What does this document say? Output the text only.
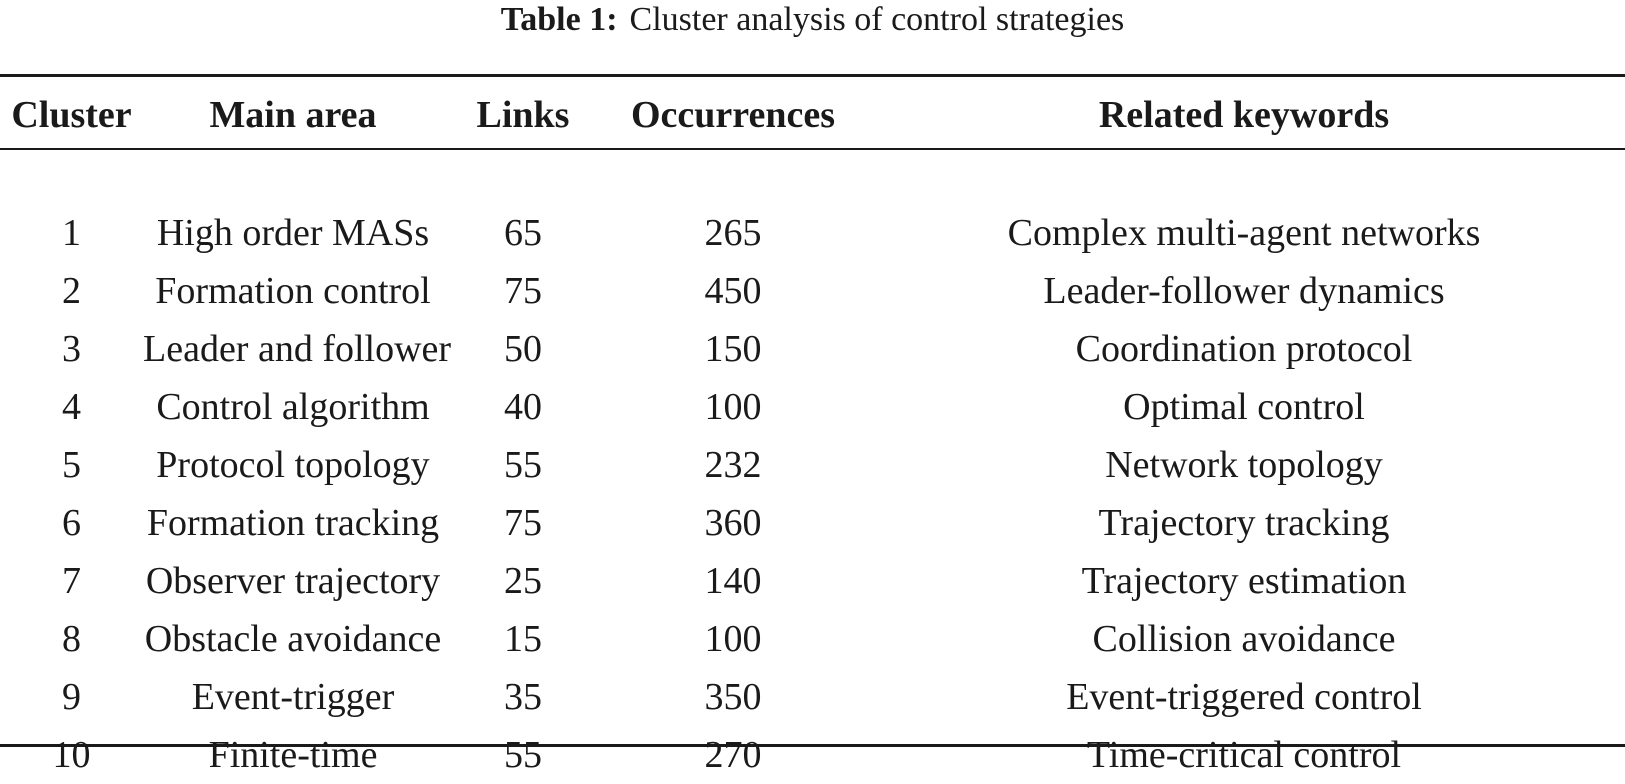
Table 1: Cluster analysis of control strategies
Cluster	Main area	Links	Occurrences	Related keywords

1	High order MASs	65	265	Complex multi-agent networks
2	Formation control	75	450	Leader-follower dynamics
3	Leader and follower	50	150	Coordination protocol
4	Control algorithm	40	100	Optimal control
5	Protocol topology	55	232	Network topology
6	Formation tracking	75	360	Trajectory tracking
7	Observer trajectory	25	140	Trajectory estimation
8	Obstacle avoidance	15	100	Collision avoidance
9	Event-trigger	35	350	Event-triggered control
10	Finite-time	55	270	Time-critical control
